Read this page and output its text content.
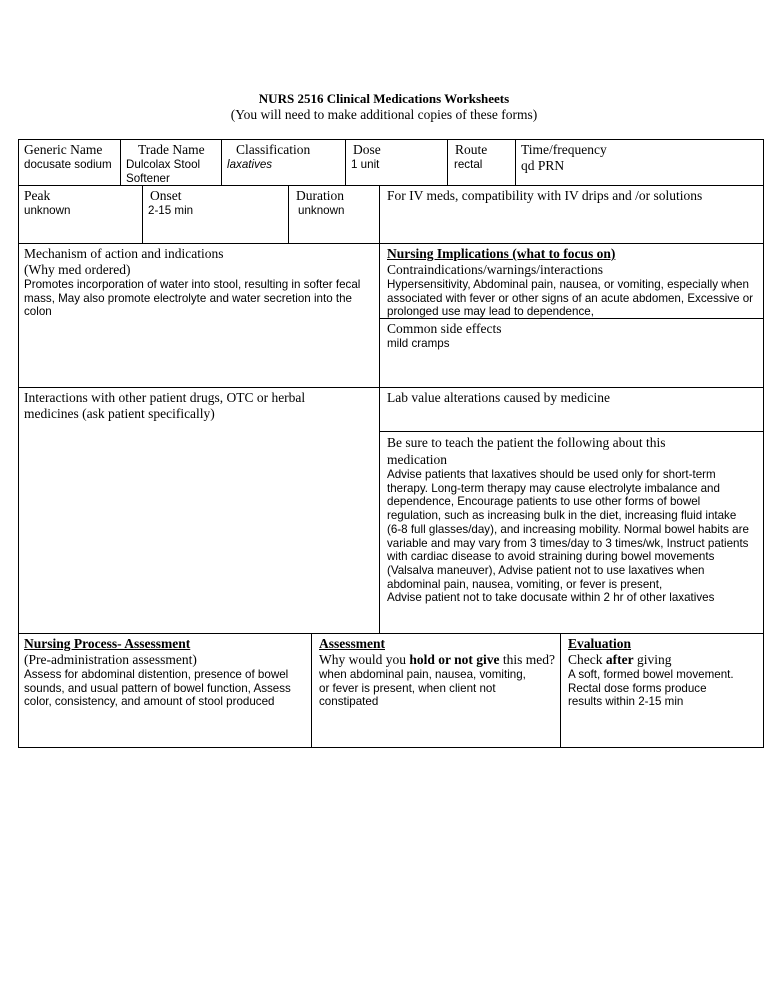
NURS 2516 Clinical Medications Worksheets
(You will need to make additional copies of these forms)
Generic Name
docusate sodium
Trade Name
Dulcolax Stool Softener
Classification
laxatives
Dose
1 unit
Route
rectal
Time/frequency
qd PRN
Peak
unknown
Onset
2-15 min
Duration
unknown
For IV meds, compatibility with IV drips and /or solutions
Mechanism of action and indications
(Why med ordered)
Promotes incorporation of water into stool, resulting in softer fecal mass, May also promote electrolyte and water secretion into the colon
Nursing Implications (what to focus on)
Contraindications/warnings/interactions
Hypersensitivity, Abdominal pain, nausea, or vomiting, especially when associated with fever or other signs of an acute abdomen, Excessive or prolonged use may lead to dependence,
Common side effects
mild cramps
Interactions with other patient drugs, OTC or herbal medicines (ask patient specifically)
Lab value alterations caused by medicine
Be sure to teach the patient the following about this medication
Advise patients that laxatives should be used only for short-term therapy. Long-term therapy may cause electrolyte imbalance and dependence, Encourage patients to use other forms of bowel regulation, such as increasing bulk in the diet, increasing fluid intake (6-8 full glasses/day), and increasing mobility. Normal bowel habits are variable and may vary from 3 times/day to 3 times/wk, Instruct patients with cardiac disease to avoid straining during bowel movements (Valsalva maneuver), Advise patient not to use laxatives when abdominal pain, nausea, vomiting, or fever is present,
Advise patient not to take docusate within 2 hr of other laxatives
Nursing Process- Assessment
(Pre-administration assessment)
Assess for abdominal distention, presence of bowel sounds, and usual pattern of bowel function, Assess color, consistency, and amount of stool produced
Assessment
Why would you hold or not give this med?
when abdominal pain, nausea, vomiting, or fever is present, when client not constipated
Evaluation
Check after giving
A soft, formed bowel movement. Rectal dose forms produce results within 2-15 min
